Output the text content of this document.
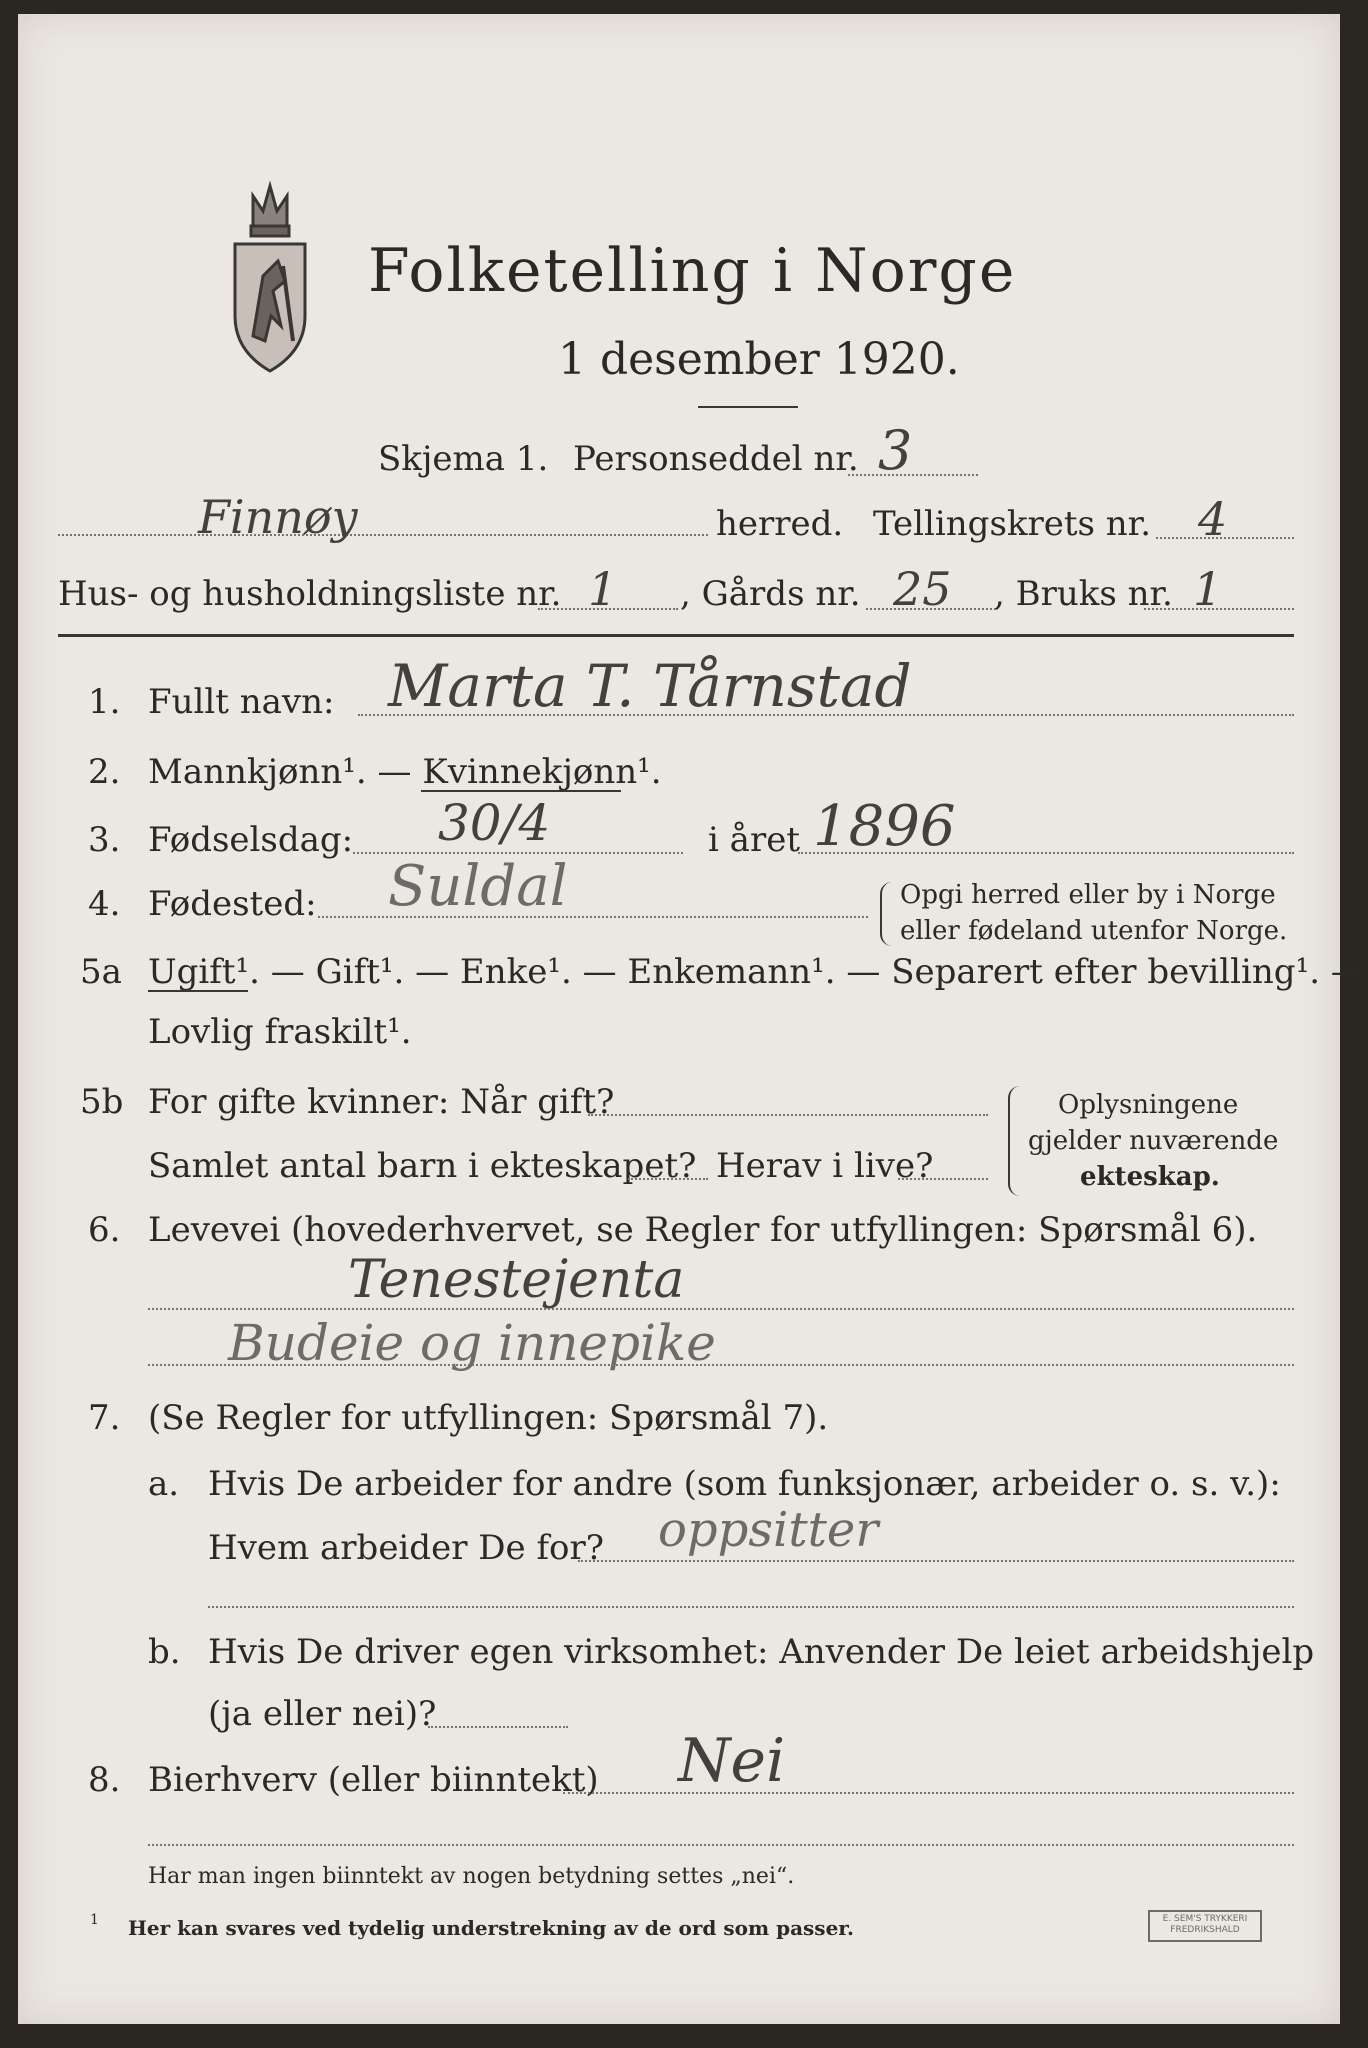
Folketelling i Norge
1 desember 1920.
Skjema 1. Personseddel nr. 3
Finnøy	herred. Tellingskrets nr. 4
Hus- og husholdningsliste nr. 1 , Gårds nr. 25 , Bruks nr. 1
1. Fullt navn: Marta T. Tårnstad
2. Mannkjønn¹. — Kvinnekjønn¹.
3. Fødselsdag: 30/4	i året 1896
4. Fødested: Suldal	Opgi herred eller by i Norge
eller fødeland utenfor Norge.
5a Ugift¹. — Gift¹. — Enke¹. — Enkemann¹. — Separert efter bevilling¹. —
Lovlig fraskilt¹.
5b For gifte kvinner: Når gift?
Samlet antal barn i ekteskapet? Herav i live?
Oplysningene
gjelder nuværende
ekteskap.
6. Levevei (hovederhvervet, se Regler for utfyllingen: Spørsmål 6).
Tenestejenta
Budeie og innepike
7. (Se Regler for utfyllingen: Spørsmål 7).
a. Hvis De arbeider for andre (som funksjonær, arbeider o. s. v.):
Hvem arbeider De for? oppsitter
b. Hvis De driver egen virksomhet: Anvender De leiet arbeidshjelp
(ja eller nei)?
8. Bierhverv (eller biinntekt) Nei
Har man ingen biinntekt av nogen betydning settes „nei“.
1 Her kan svares ved tydelig understrekning av de ord som passer.	E. SEM'S TRYKKERI FREDRIKSHALD
